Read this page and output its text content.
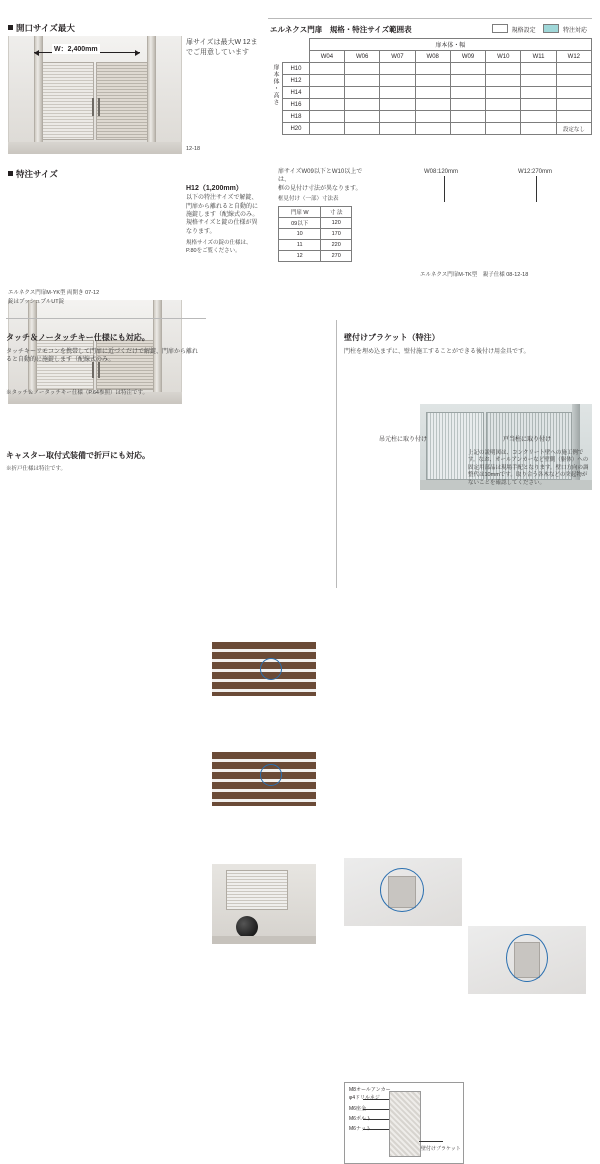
開口サイズ最大
W：2,400mm
扉サイズは最大W 12までご用意しています
12-18
特注サイズ
H12（1,200mm）
以下の特注サイズで解錠、門扉から離れると自動的に施錠します（配線式のみ。規格サイズと錠の仕様が異なります。
規格サイズの錠の仕様は、P.80をご覧ください。
エルネクス門扉M-YK型 両開き 07-12
錠はプッシュプルUT錠
扉サイズW09以下とW10以上では、
框の見付け寸法が異なります。
框見付け（一部）寸法表
門扉 W	寸 法
09以下	120
10	170
11	220
12	270
エルネクス門扉　規格・特注サイズ範囲表	規格設定	特注対応
		扉本体・幅							
		W04	W06	W07	W08	W09	W10	W11	W12
	H10								
	H12								
	H14								
	H16								
	H18								
	H20								設定なし
扉本体・高さ
W08:120mm	W12:270mm
エルネクス門扉M-TK型　親子仕様 08-12-18
タッチ＆ノータッチキー仕様にも対応。
タッチキーリモコンを携帯して門扉に近づくだけで解錠、門扉から離れると自動的に施錠します（配線式のみ。
※タッチ＆ノータッチキー仕様（P.64参照）は特注です。
キャスター取付式装備で折戸にも対応。
※折戸仕様は特注です。
壁付けブラケット（特注）
門柱を埋め込まずに、壁付施工することができる後付け用金具です。
吊元柱に取り付け	戸当柱に取り付け
M8オールアンカー
φ4ドリルネジ
M6座金
M6ボルト
M6ナット
壁付けブラケット
上記の説明図は、コンクリート壁への施工例です。なお、オールアンカーなど壁側（躯体）への固定用部品は現場手配となります。壁口方向の調整代は10mmです。取り合う各木などの突起物がないことを確認してください。
